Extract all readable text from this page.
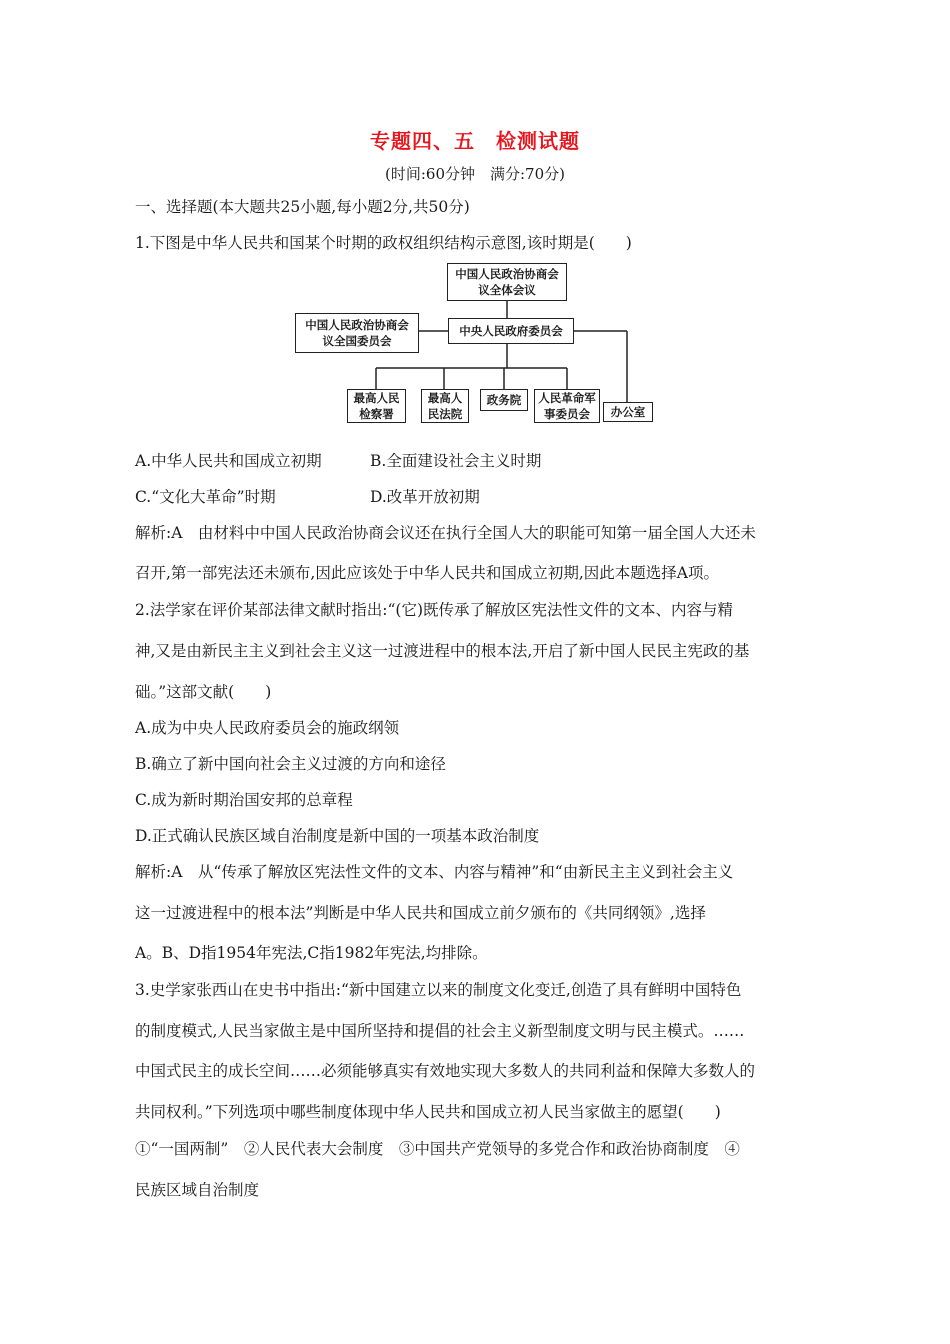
专题四、五　检测试题
(时间:60分钟　满分:70分)
一、选择题(本大题共25小题,每小题2分,共50分)
1.下图是中华人民共和国某个时期的政权组织结构示意图,该时期是(　　)
中国人民政治协商会
议全体会议
中国人民政治协商会
议全国委员会
中央人民政府委员会
最高人民
检察署
最高人
民法院
政务院	人民革命军
事委员会	办公室
A.中华人民共和国成立初期	B.全面建设社会主义时期
C.“文化大革命”时期	D.改革开放初期
解析:A　由材料中中国人民政治协商会议还在执行全国人大的职能可知第一届全国人大还未
召开,第一部宪法还未颁布,因此应该处于中华人民共和国成立初期,因此本题选择A项。
2.法学家在评价某部法律文献时指出:“(它)既传承了解放区宪法性文件的文本、内容与精
神,又是由新民主主义到社会主义这一过渡进程中的根本法,开启了新中国人民民主宪政的基
础。”这部文献(　　)
A.成为中央人民政府委员会的施政纲领
B.确立了新中国向社会主义过渡的方向和途径
C.成为新时期治国安邦的总章程
D.正式确认民族区域自治制度是新中国的一项基本政治制度
解析:A　从“传承了解放区宪法性文件的文本、内容与精神”和“由新民主主义到社会主义
这一过渡进程中的根本法”判断是中华人民共和国成立前夕颁布的《共同纲领》,选择
A。B、D指1954年宪法,C指1982年宪法,均排除。
3.史学家张西山在史书中指出:“新中国建立以来的制度文化变迁,创造了具有鲜明中国特色
的制度模式,人民当家做主是中国所坚持和提倡的社会主义新型制度文明与民主模式。……
中国式民主的成长空间……必须能够真实有效地实现大多数人的共同利益和保障大多数人的
共同权利。”下列选项中哪些制度体现中华人民共和国成立初人民当家做主的愿望(　　)
①“一国两制”　②人民代表大会制度　③中国共产党领导的多党合作和政治协商制度　④
民族区域自治制度
